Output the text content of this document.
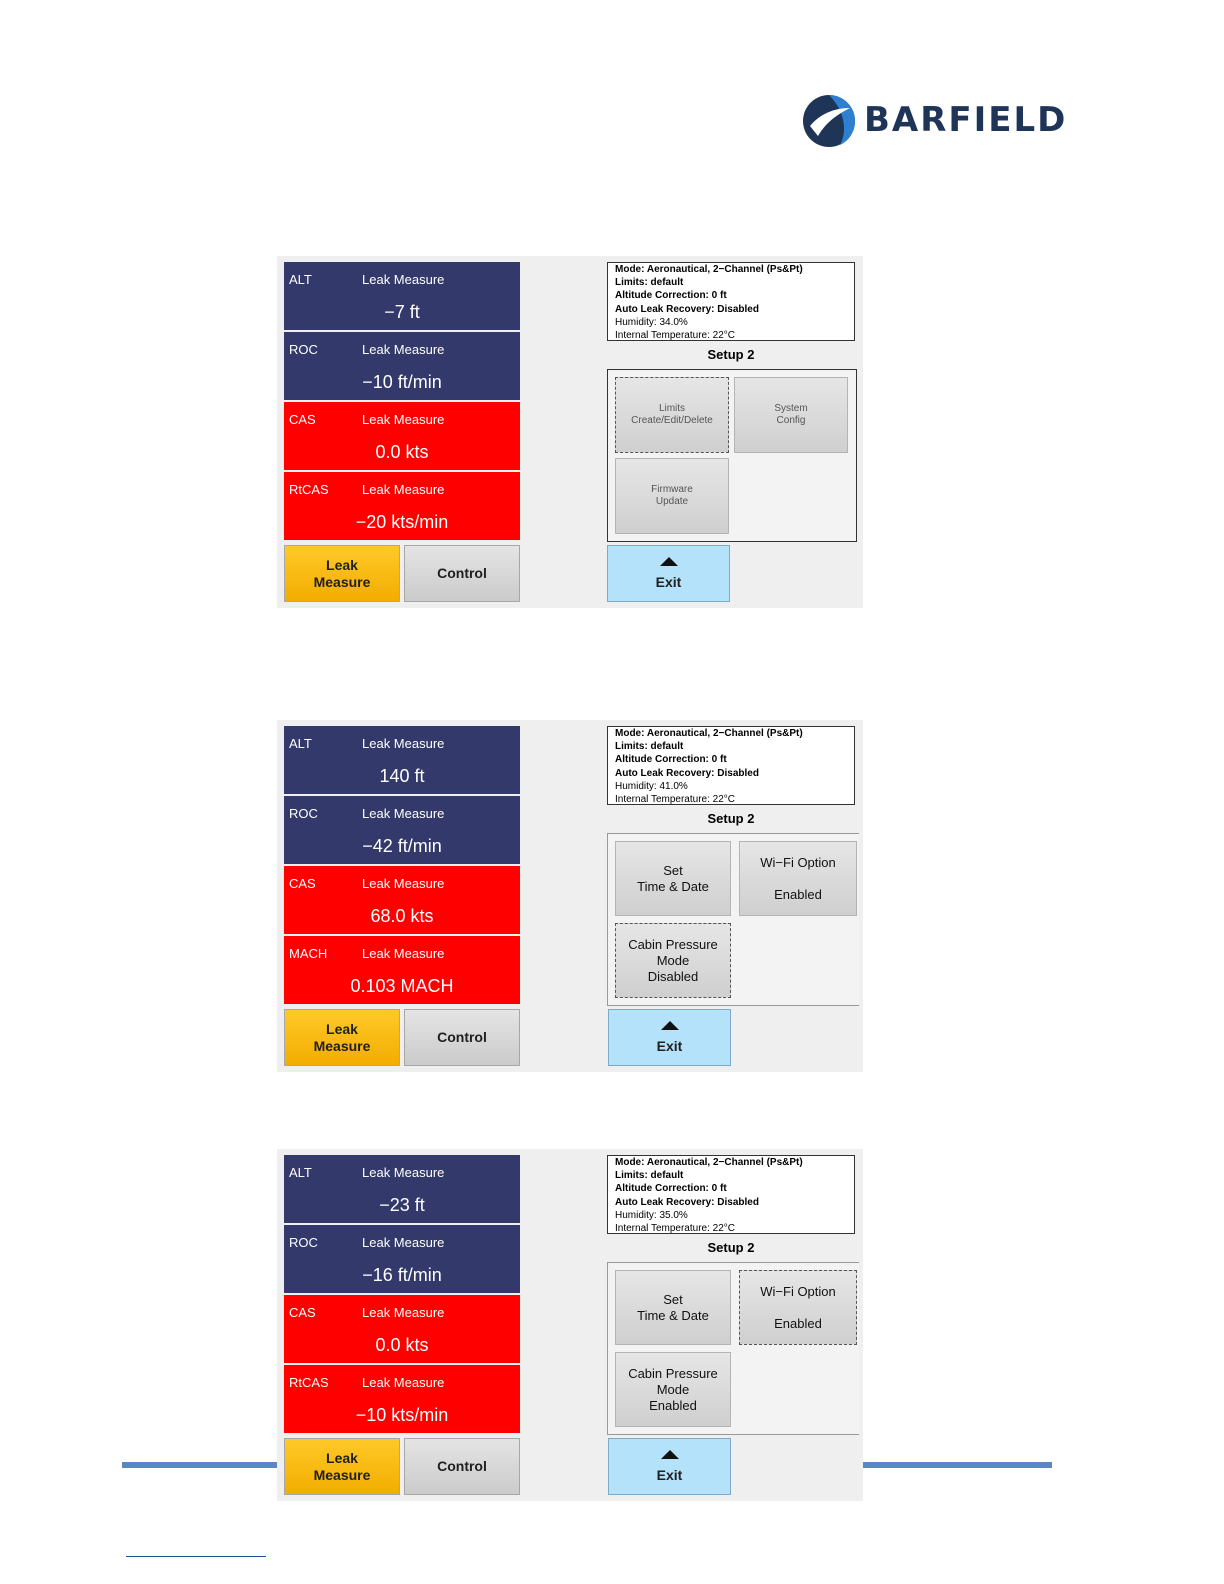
BARFIELD
ALT	Leak Measure
−7 ft
ROC	Leak Measure
−10 ft/min
CAS	Leak Measure
0.0 kts
RtCAS	Leak Measure
−20 kts/min
Leak
Measure
Control
Mode: Aeronautical, 2−Channel (Ps&Pt)
Limits: default
Altitude Correction: 0 ft
Auto Leak Recovery: Disabled
Humidity: 34.0%
Internal Temperature: 22°C
Setup 2
Limits
Create/Edit/Delete
System
Config
Firmware
Update
Exit
ALT	Leak Measure
140 ft
ROC	Leak Measure
−42 ft/min
CAS	Leak Measure
68.0 kts
MACH	Leak Measure
0.103 MACH
Leak
Measure
Control
Mode: Aeronautical, 2−Channel (Ps&Pt)
Limits: default
Altitude Correction: 0 ft
Auto Leak Recovery: Disabled
Humidity: 41.0%
Internal Temperature: 22°C
Setup 2
Set
Time & Date
Wi−Fi Option

Enabled
Cabin Pressure
Mode
Disabled
Exit
ALT	Leak Measure
−23 ft
ROC	Leak Measure
−16 ft/min
CAS	Leak Measure
0.0 kts
RtCAS	Leak Measure
−10 kts/min
Leak
Measure
Control
Mode: Aeronautical, 2−Channel (Ps&Pt)
Limits: default
Altitude Correction: 0 ft
Auto Leak Recovery: Disabled
Humidity: 35.0%
Internal Temperature: 22°C
Setup 2
Set
Time & Date
Wi−Fi Option

Enabled
Cabin Pressure
Mode
Enabled
Exit
